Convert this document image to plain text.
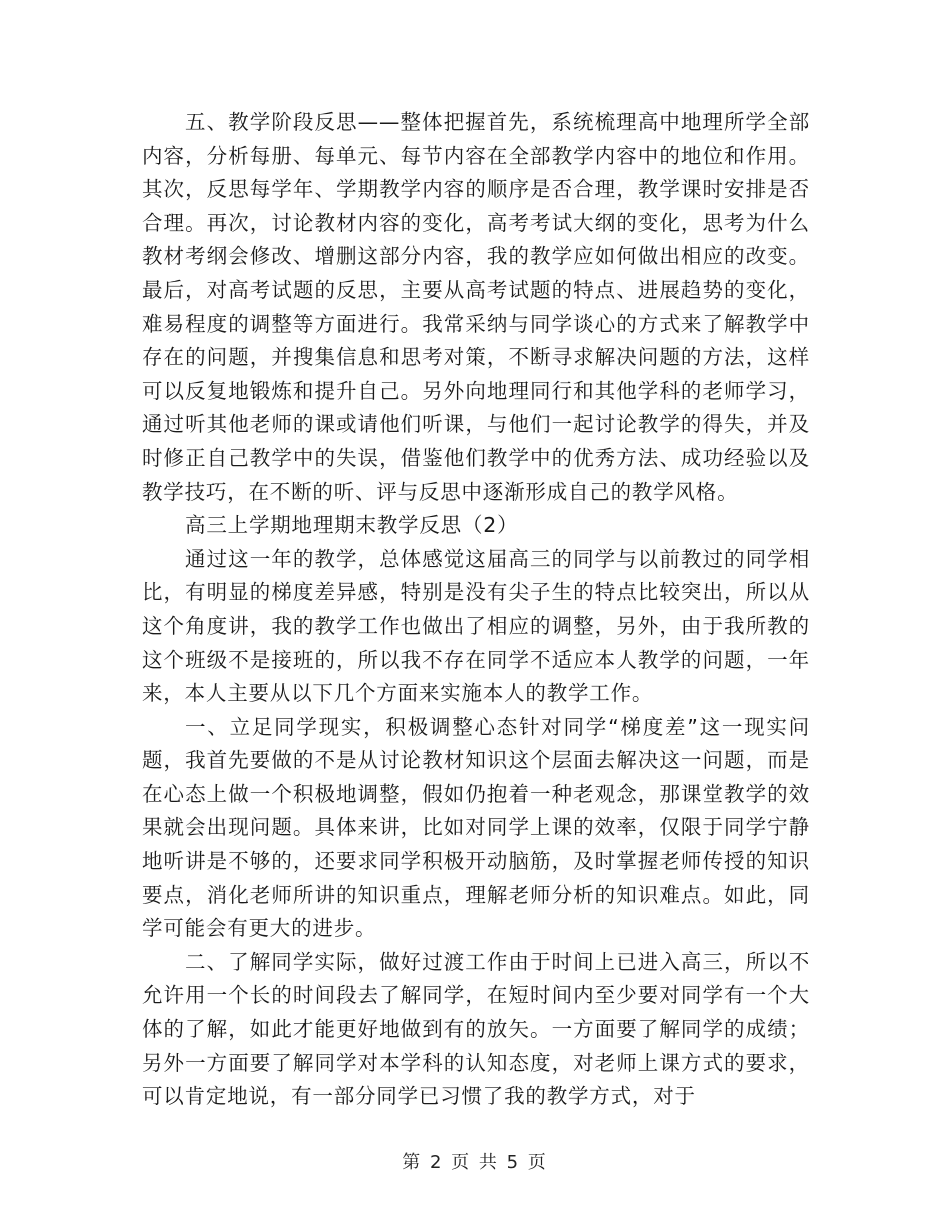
五、教学阶段反思——整体把握首先，系统梳理高中地理所学全部内容，分析每册、每单元、每节内容在全部教学内容中的地位和作用。其次，反思每学年、学期教学内容的顺序是否合理，教学课时安排是否合理。再次，讨论教材内容的变化，高考考试大纲的变化，思考为什么教材考纲会修改、增删这部分内容，我的教学应如何做出相应的改变。最后，对高考试题的反思，主要从高考试题的特点、进展趋势的变化，难易程度的调整等方面进行。我常采纳与同学谈心的方式来了解教学中存在的问题，并搜集信息和思考对策，不断寻求解决问题的方法，这样可以反复地锻炼和提升自己。另外向地理同行和其他学科的老师学习，通过听其他老师的课或请他们听课，与他们一起讨论教学的得失，并及时修正自己教学中的失误，借鉴他们教学中的优秀方法、成功经验以及教学技巧，在不断的听、评与反思中逐渐形成自己的教学风格。

高三上学期地理期末教学反思（2）

通过这一年的教学，总体感觉这届高三的同学与以前教过的同学相比，有明显的梯度差异感，特别是没有尖子生的特点比较突出，所以从这个角度讲，我的教学工作也做出了相应的调整，另外，由于我所教的这个班级不是接班的，所以我不存在同学不适应本人教学的问题，一年来，本人主要从以下几个方面来实施本人的教学工作。

一、立足同学现实，积极调整心态针对同学“梯度差”这一现实问题，我首先要做的不是从讨论教材知识这个层面去解决这一问题，而是在心态上做一个积极地调整，假如仍抱着一种老观念，那课堂教学的效果就会出现问题。具体来讲，比如对同学上课的效率，仅限于同学宁静地听讲是不够的，还要求同学积极开动脑筋，及时掌握老师传授的知识要点，消化老师所讲的知识重点，理解老师分析的知识难点。如此，同学可能会有更大的进步。

二、了解同学实际，做好过渡工作由于时间上已进入高三，所以不允许用一个长的时间段去了解同学，在短时间内至少要对同学有一个大体的了解，如此才能更好地做到有的放矢。一方面要了解同学的成绩；另外一方面要了解同学对本学科的认知态度，对老师上课方式的要求，可以肯定地说，有一部分同学已习惯了我的教学方式，对于

第 2 页 共 5 页
